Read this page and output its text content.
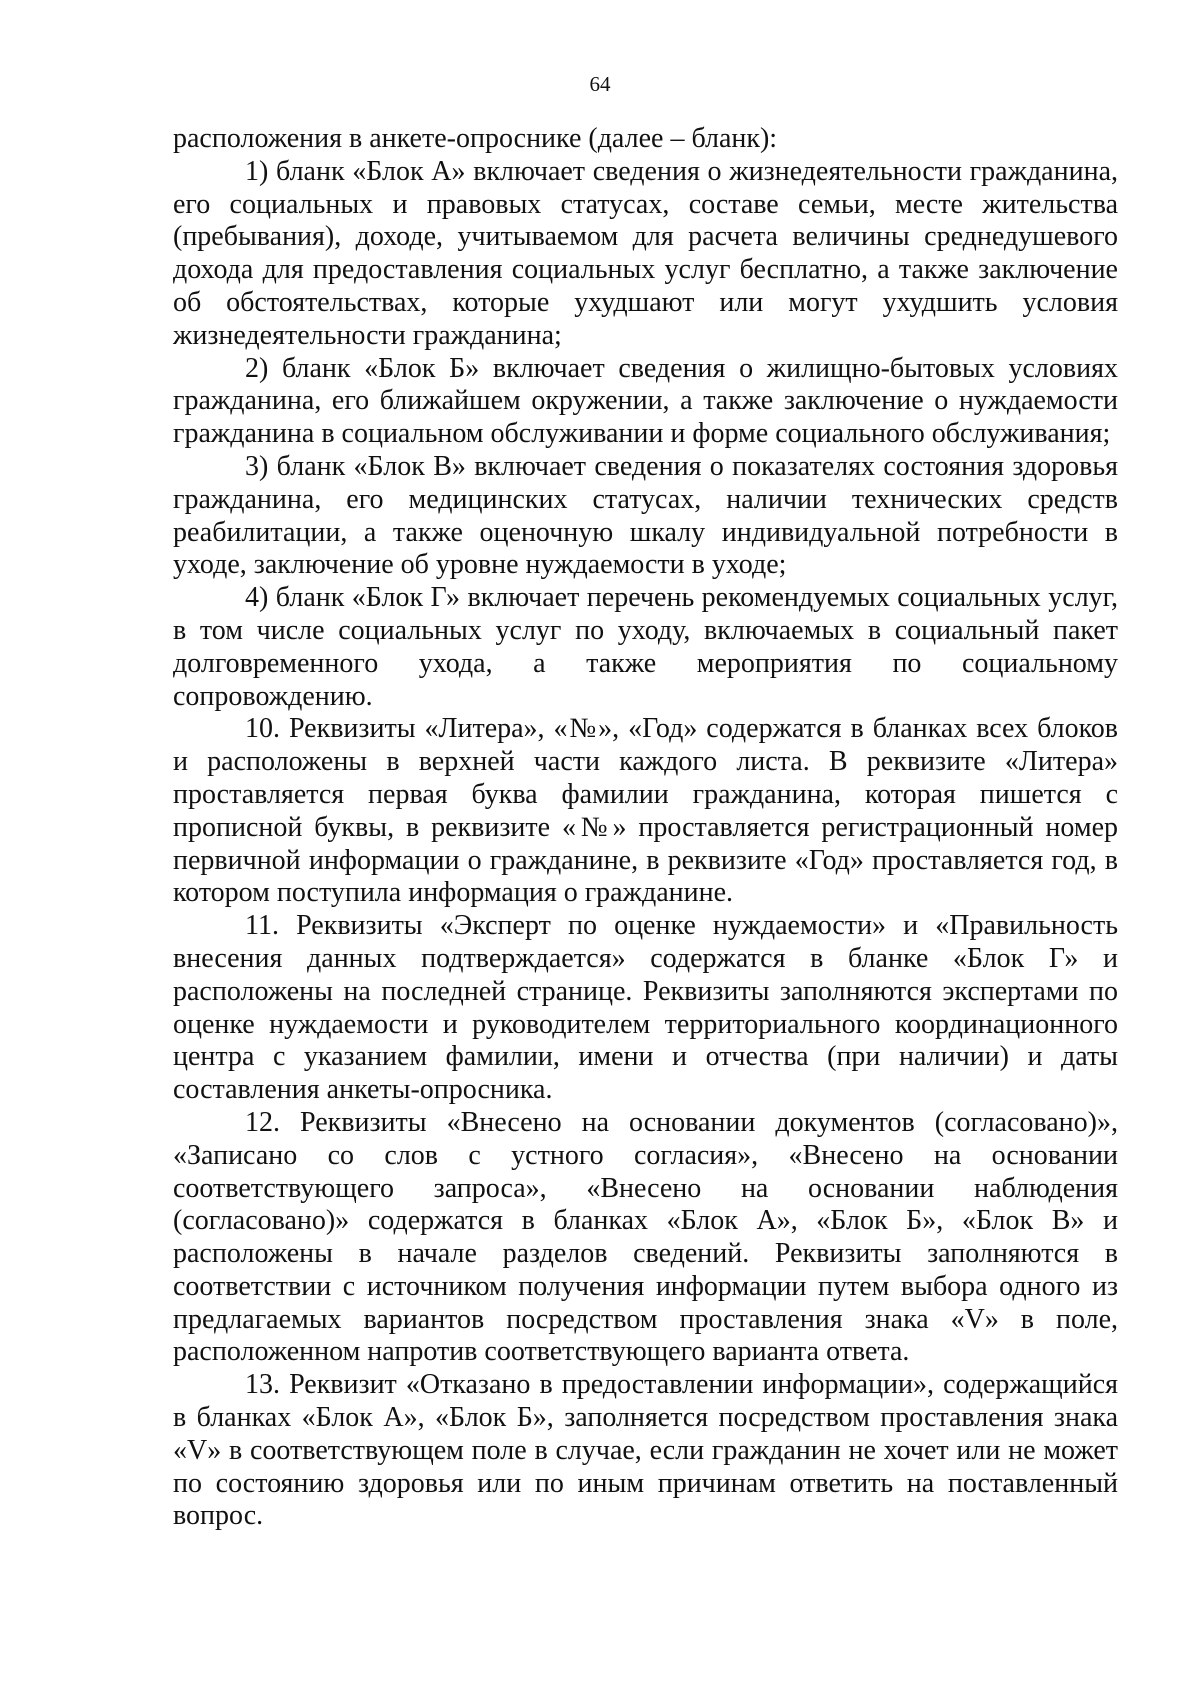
64

расположения в анкете-опроснике (далее – бланк):

1) бланк «Блок А» включает сведения о жизнедеятельности гражданина, его социальных и правовых статусах, составе семьи, месте жительства (пребывания), доходе, учитываемом для расчета величины среднедушевого дохода для предоставления социальных услуг бесплатно, а также заключение об обстоятельствах, которые ухудшают или могут ухудшить условия жизнедеятельности гражданина;

2) бланк «Блок Б» включает сведения о жилищно-бытовых условиях гражданина, его ближайшем окружении, а также заключение о нуждаемости гражданина в социальном обслуживании и форме социального обслуживания;

3) бланк «Блок В» включает сведения о показателях состояния здоровья гражданина, его медицинских статусах, наличии технических средств реабилитации, а также оценочную шкалу индивидуальной потребности в уходе, заключение об уровне нуждаемости в уходе;

4) бланк «Блок Г» включает перечень рекомендуемых социальных услуг, в том числе социальных услуг по уходу, включаемых в социальный пакет долговременного ухода, а также мероприятия по социальному сопровождению.

10. Реквизиты «Литера», «№», «Год» содержатся в бланках всех блоков и расположены в верхней части каждого листа. В реквизите «Литера» проставляется первая буква фамилии гражданина, которая пишется с прописной буквы, в реквизите «№» проставляется регистрационный номер первичной информации о гражданине, в реквизите «Год» проставляется год, в котором поступила информация о гражданине.

11. Реквизиты «Эксперт по оценке нуждаемости» и «Правильность внесения данных подтверждается» содержатся в бланке «Блок Г» и расположены на последней странице. Реквизиты заполняются экспертами по оценке нуждаемости и руководителем территориального координационного центра с указанием фамилии, имени и отчества (при наличии) и даты составления анкеты-опросника.

12. Реквизиты «Внесено на основании документов (согласовано)», «Записано со слов с устного согласия», «Внесено на основании соответствующего запроса», «Внесено на основании наблюдения (согласовано)» содержатся в бланках «Блок А», «Блок Б», «Блок В» и расположены в начале разделов сведений. Реквизиты заполняются в соответствии с источником получения информации путем выбора одного из предлагаемых вариантов посредством проставления знака «V» в поле, расположенном напротив соответствующего варианта ответа.

13. Реквизит «Отказано в предоставлении информации», содержащийся в бланках «Блок А», «Блок Б», заполняется посредством проставления знака «V» в соответствующем поле в случае, если гражданин не хочет или не может по состоянию здоровья или по иным причинам ответить на поставленный вопрос.
